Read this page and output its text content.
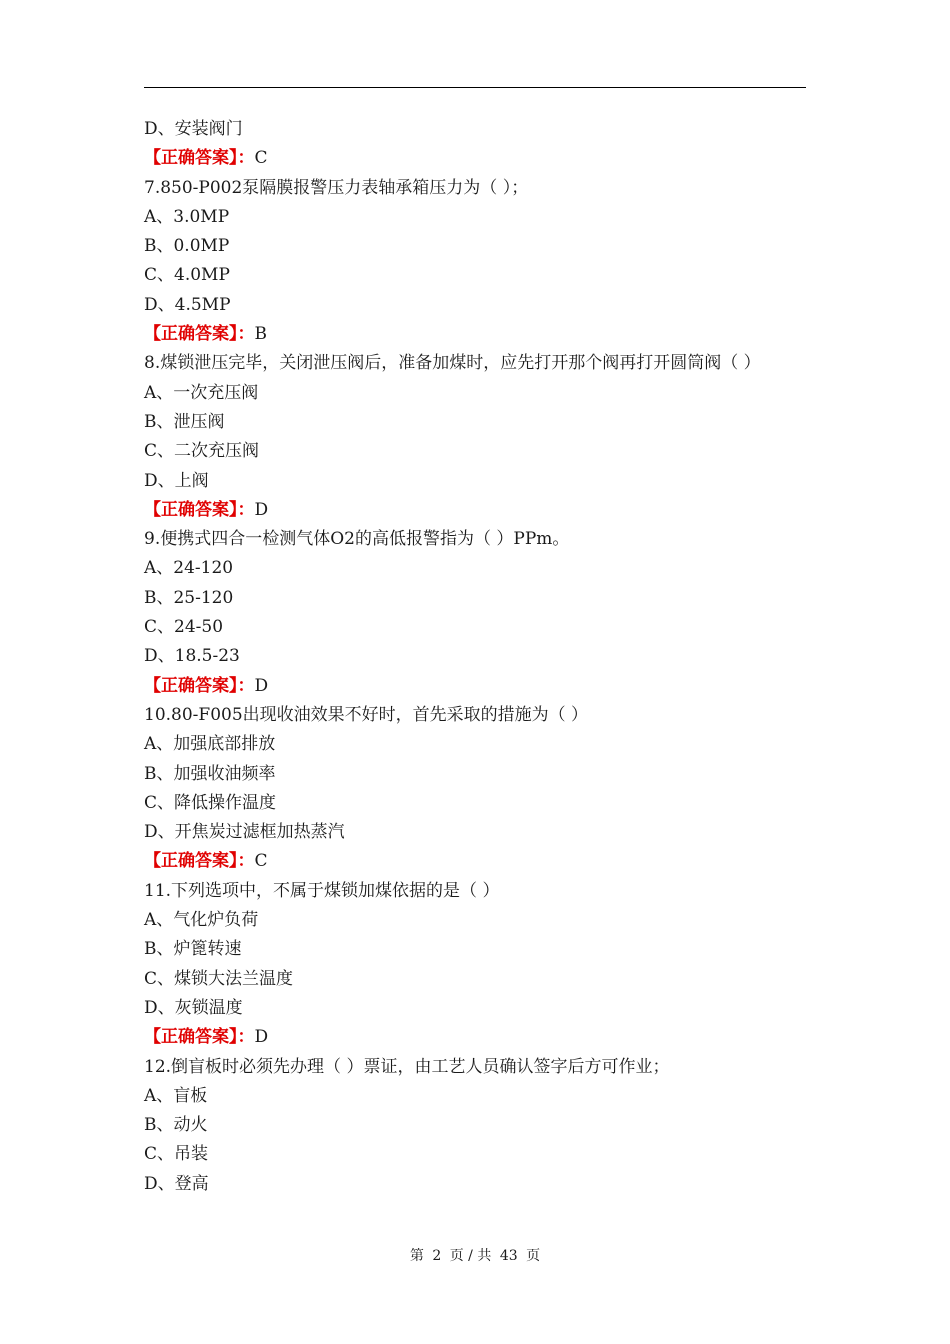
D、安装阀门
【正确答案】：C
7.850-P002泵隔膜报警压力表轴承箱压力为（ ）；
A、3.0MP
B、0.0MP
C、4.0MP
D、4.5MP
【正确答案】：B
8.煤锁泄压完毕，关闭泄压阀后，准备加煤时，应先打开那个阀再打开圆筒阀（ ）
A、一次充压阀
B、泄压阀
C、二次充压阀
D、上阀
【正确答案】：D
9.便携式四合一检测气体O2的高低报警指为（ ）PPm。
A、24-120
B、25-120
C、24-50
D、18.5-23
【正确答案】：D
10.80-F005出现收油效果不好时，首先采取的措施为（ ）
A、加强底部排放
B、加强收油频率
C、降低操作温度
D、开焦炭过滤框加热蒸汽
【正确答案】：C
11.下列选项中，不属于煤锁加煤依据的是（ ）
A、气化炉负荷
B、炉篦转速
C、煤锁大法兰温度
D、灰锁温度
【正确答案】：D
12.倒盲板时必须先办理（ ）票证，由工艺人员确认签字后方可作业；
A、盲板
B、动火
C、吊装
D、登高
第 2 页 / 共 43 页
